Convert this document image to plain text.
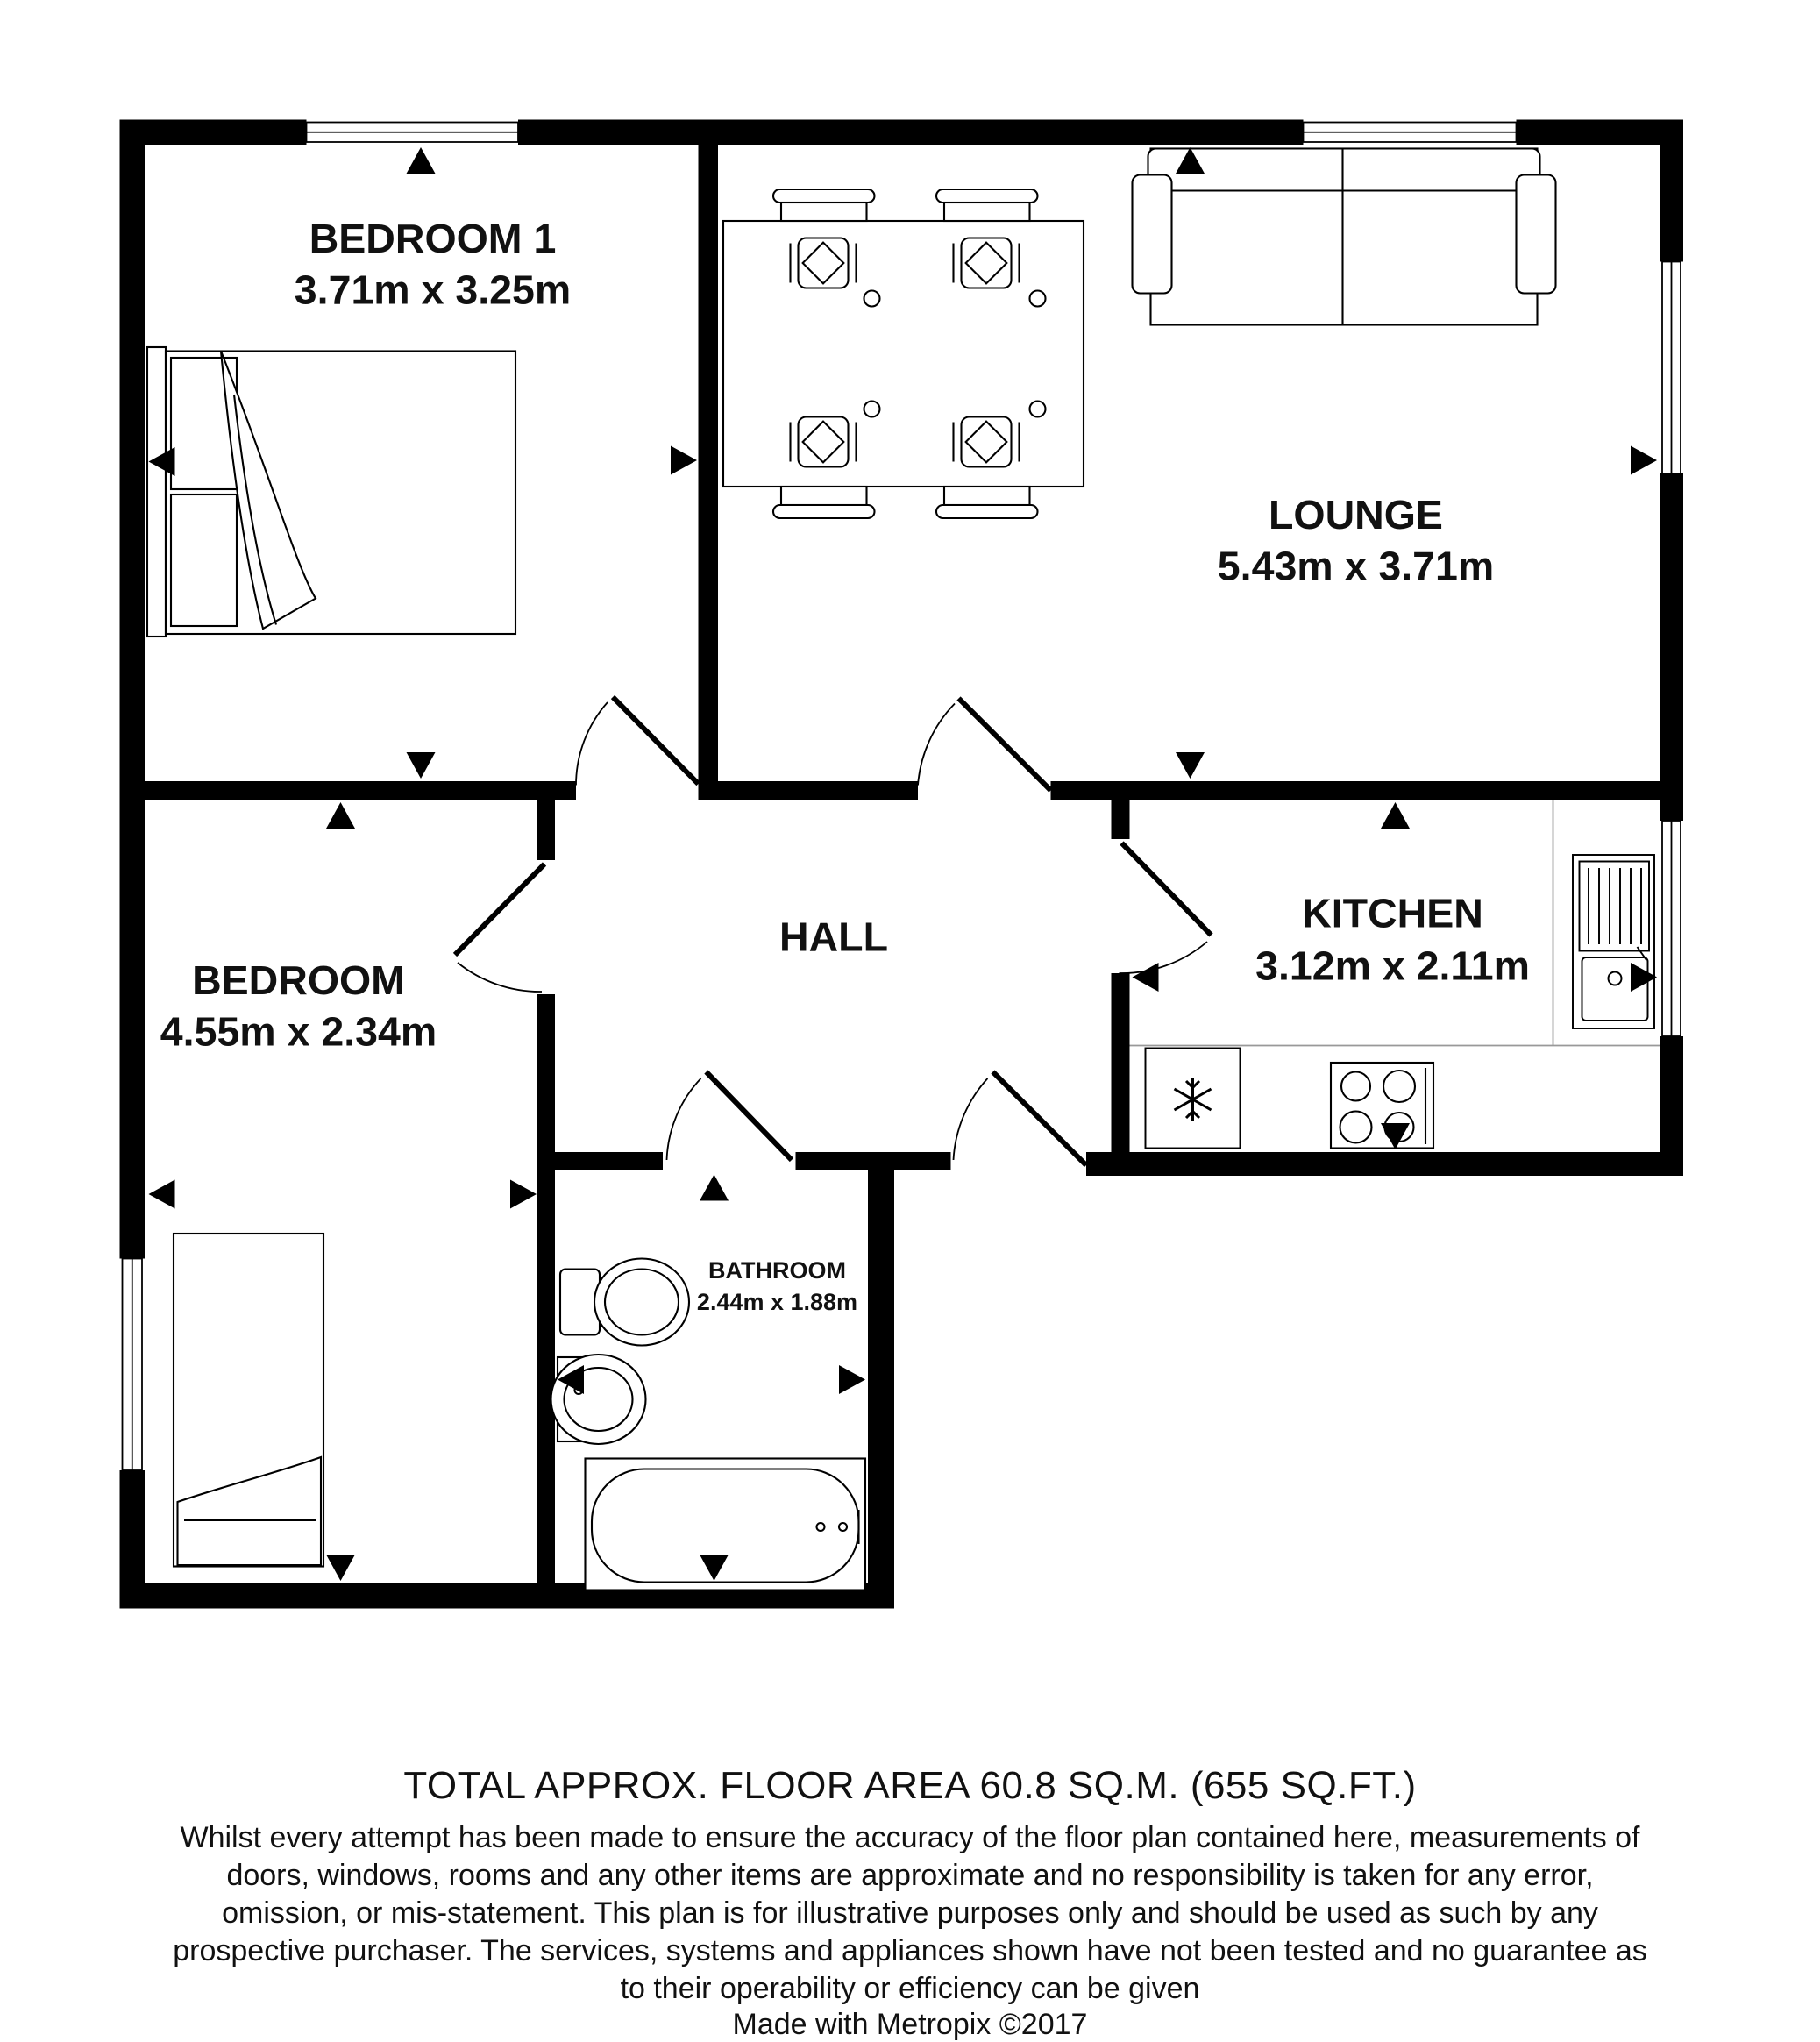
BEDROOM 1
3.71m x 3.25m
LOUNGE
5.43m x 3.71m
HALL
KITCHEN
3.12m x 2.11m
BEDROOM
4.55m x 2.34m
BATHROOM
2.44m x 1.88m
TOTAL APPROX. FLOOR AREA 60.8 SQ.M. (655 SQ.FT.)
Whilst every attempt has been made to ensure the accuracy of the floor plan contained here, measurements of doors, windows, rooms and any other items are approximate and no responsibility is taken for any error, omission, or mis-statement. This plan is for illustrative purposes only and should be used as such by any prospective purchaser. The services, systems and appliances shown have not been tested and no guarantee as to their operability or efficiency can be given
Made with Metropix ©2017
